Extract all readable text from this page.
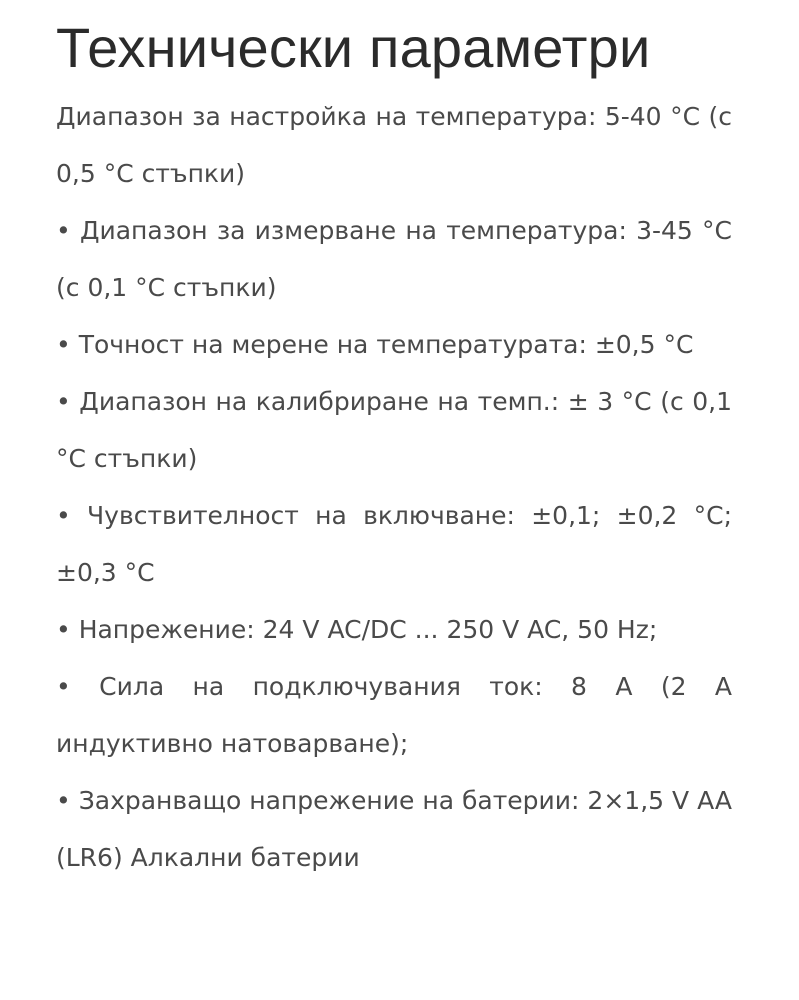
Технически параметри
Диапазон за настройка на температура: 5-40 °C (с 0,5 °C стъпки)
• Диапазон за измерване на температура: 3-45 °C (с 0,1 °C стъпки)
• Точност на мерене на температурата: ±0,5 °C
• Диапазон на калибриране на темп.: ± 3 °C (с 0,1 °C стъпки)
• Чувствителност на включване: ±0,1; ±0,2 °C; ±0,3 °C
• Напрежение: 24 V AC/DC ... 250 V AC, 50 Hz;
• Сила на подключувания ток: 8 A (2 A индуктивно натоварване);
• Захранващо напрежение на батерии: 2×1,5 V AA (LR6) Алкални батерии
